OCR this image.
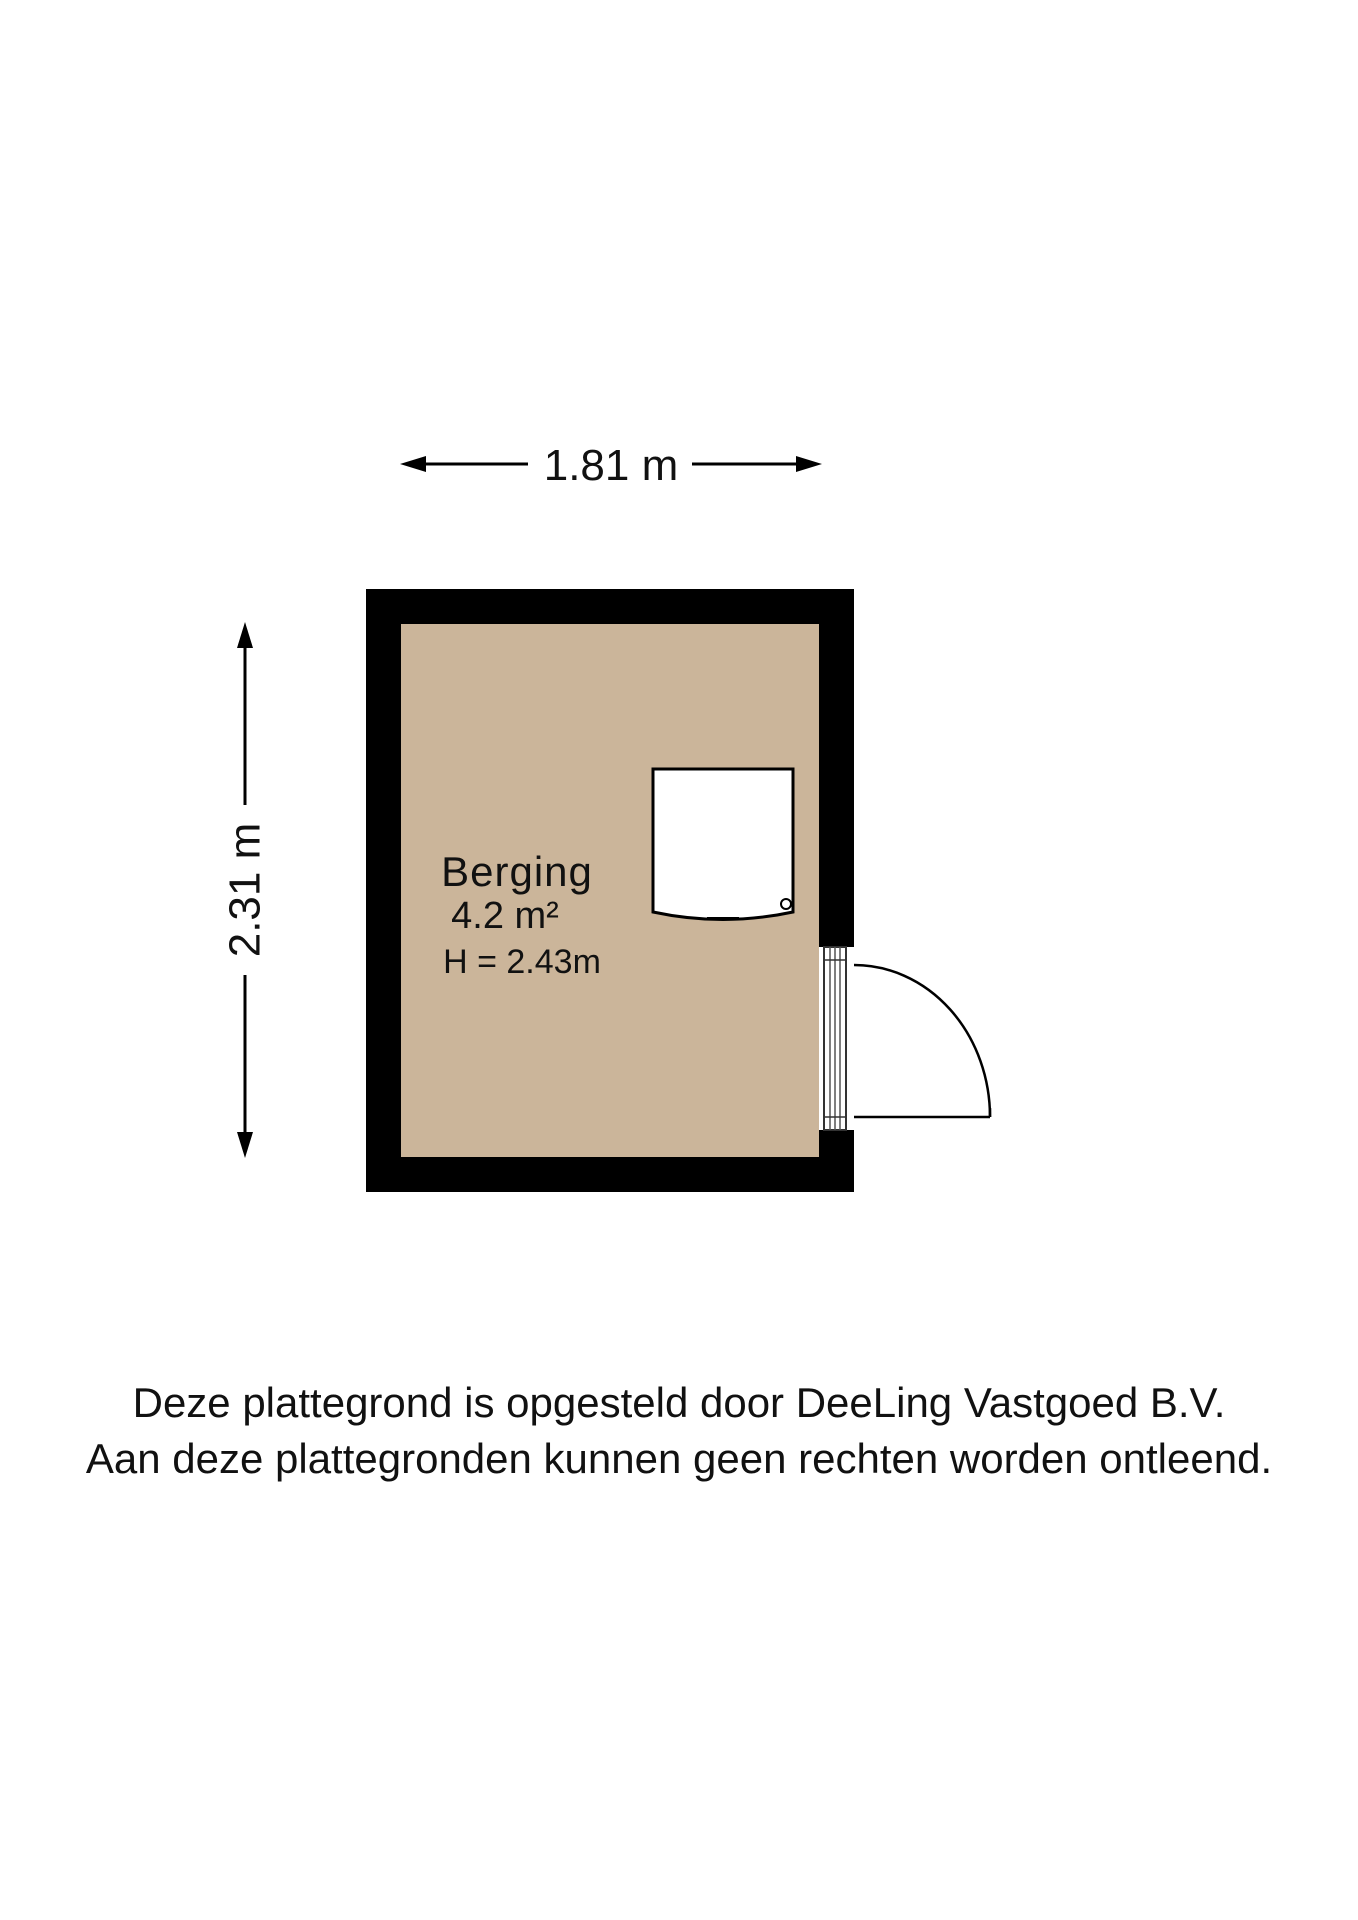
1.81 m
2.31 m	Berging
4.2 m²
H = 2.43m
Deze plattegrond is opgesteld door DeeLing Vastgoed B.V.
Aan deze plattegronden kunnen geen rechten worden ontleend.
